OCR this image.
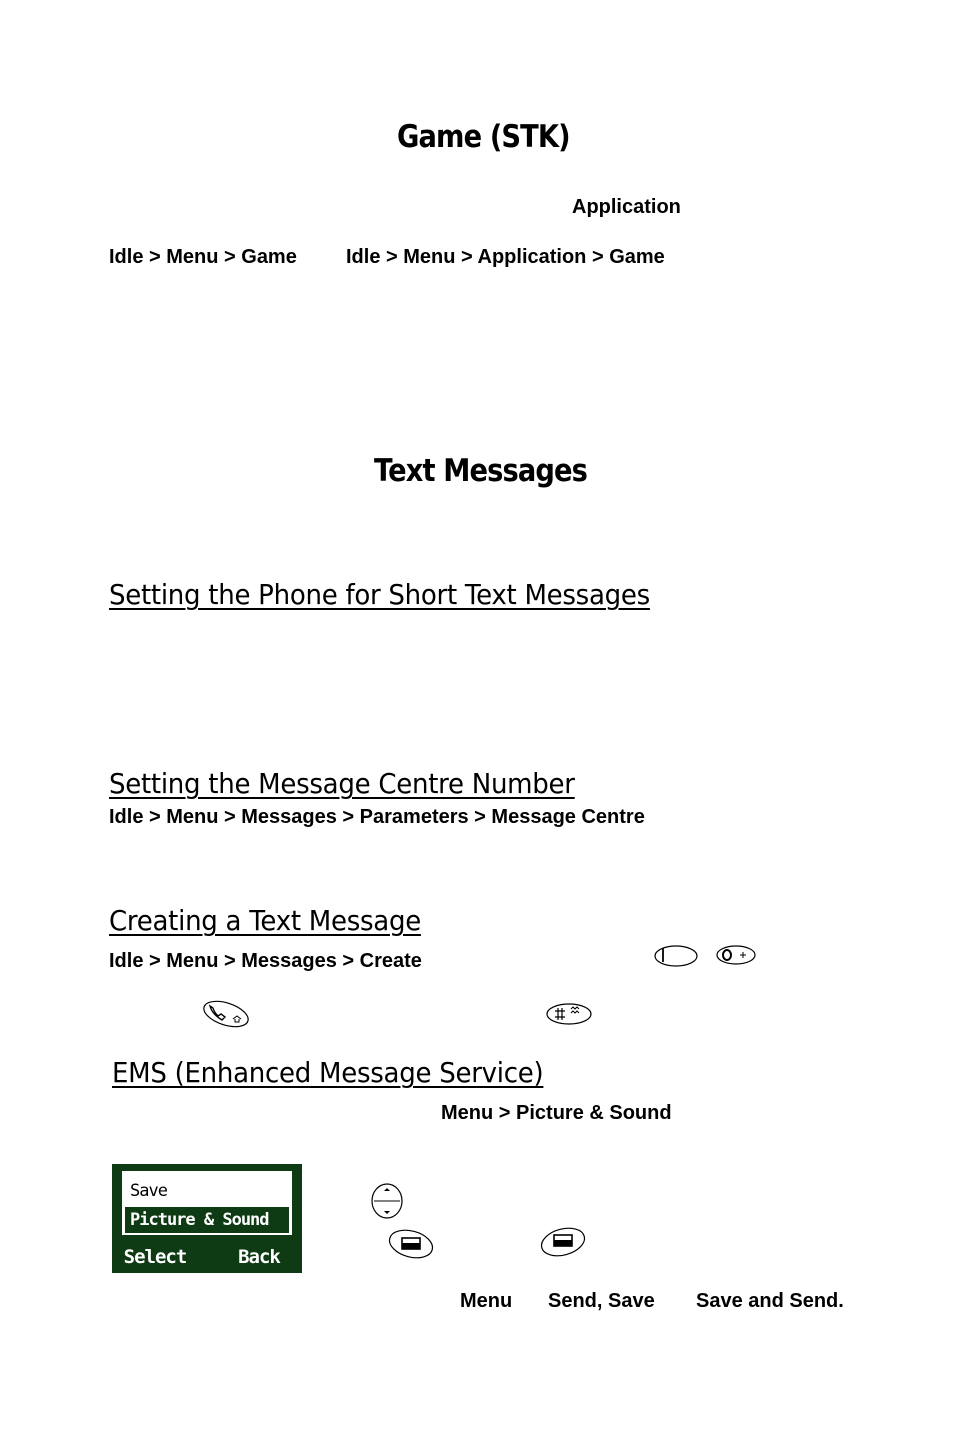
Game (STK)
Application
Idle > Menu > Game Idle > Menu > Application > Game
Text Messages
Setting the Phone for Short Text Messages
Setting the Message Centre Number
Idle > Menu > Messages > Parameters > Message Centre
Creating a Text Message
Idle > Menu > Messages > Create
EMS (Enhanced Message Service)
Menu > Picture & Sound
Save
Picture & Sound
Select	Back
Menu Send, Save Save and Send.
